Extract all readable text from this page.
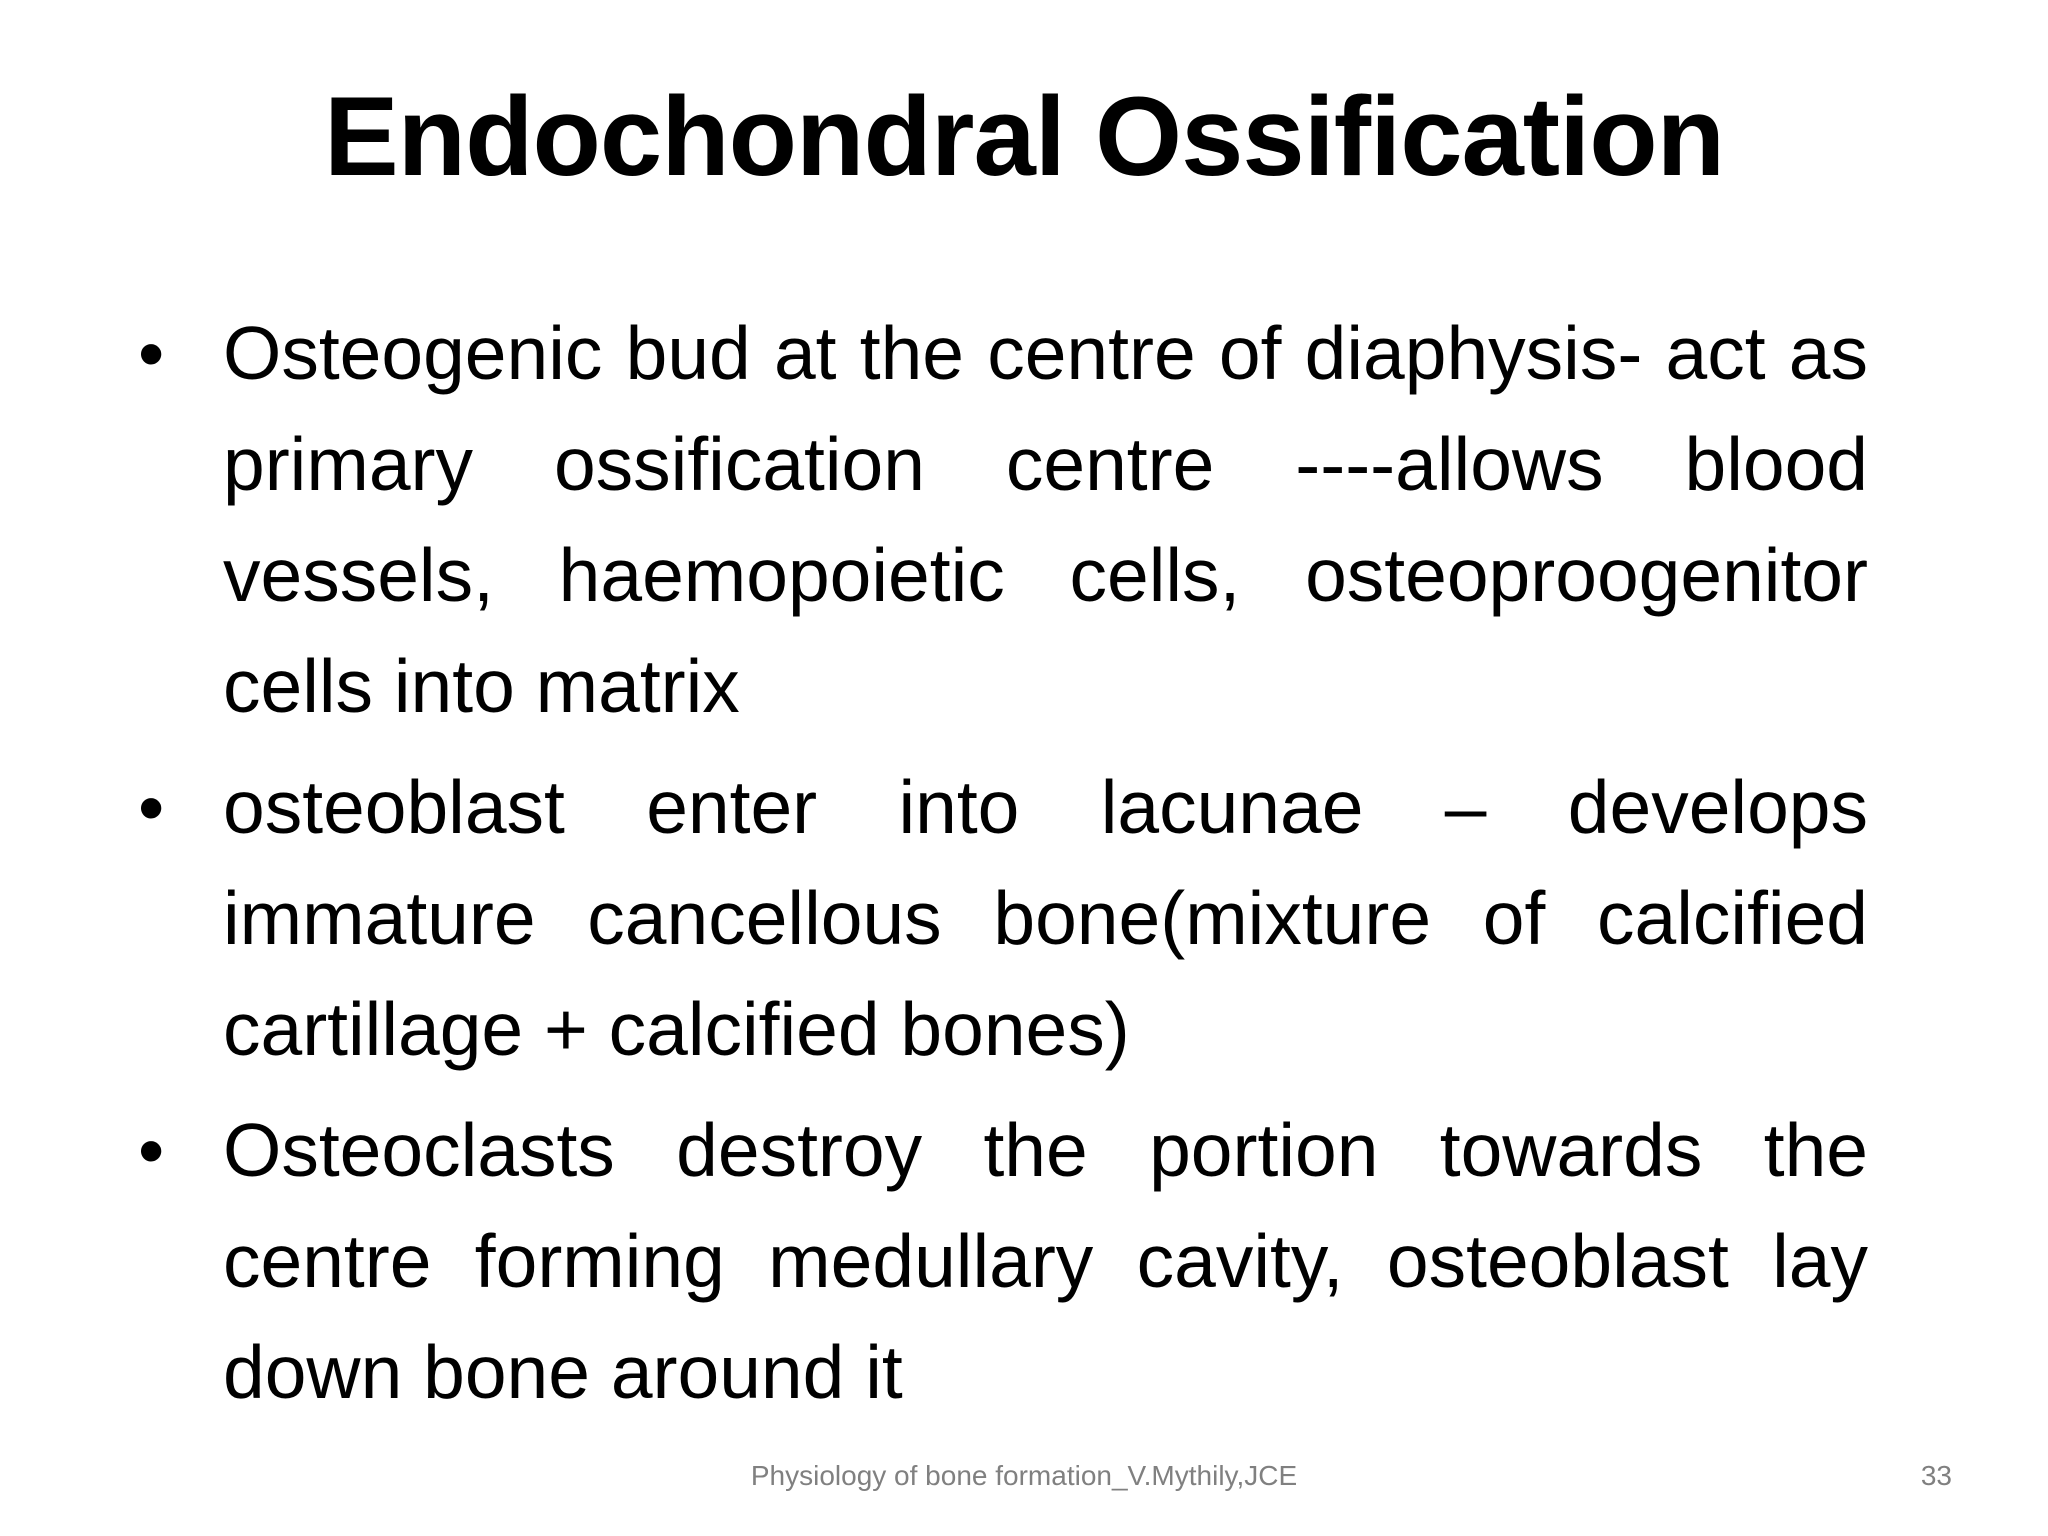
Endochondral Ossification
• Osteogenic bud at the centre of diaphysis- act as primary ossification centre ----allows blood vessels, haemopoietic cells, osteoproogenitor cells into matrix
• osteoblast enter into lacunae – develops immature cancellous bone(mixture of calcified cartillage + calcified bones)
• Osteoclasts destroy the portion towards the centre forming medullary cavity, osteoblast lay down bone around it
Physiology of bone formation_V.Mythily,JCE	33
